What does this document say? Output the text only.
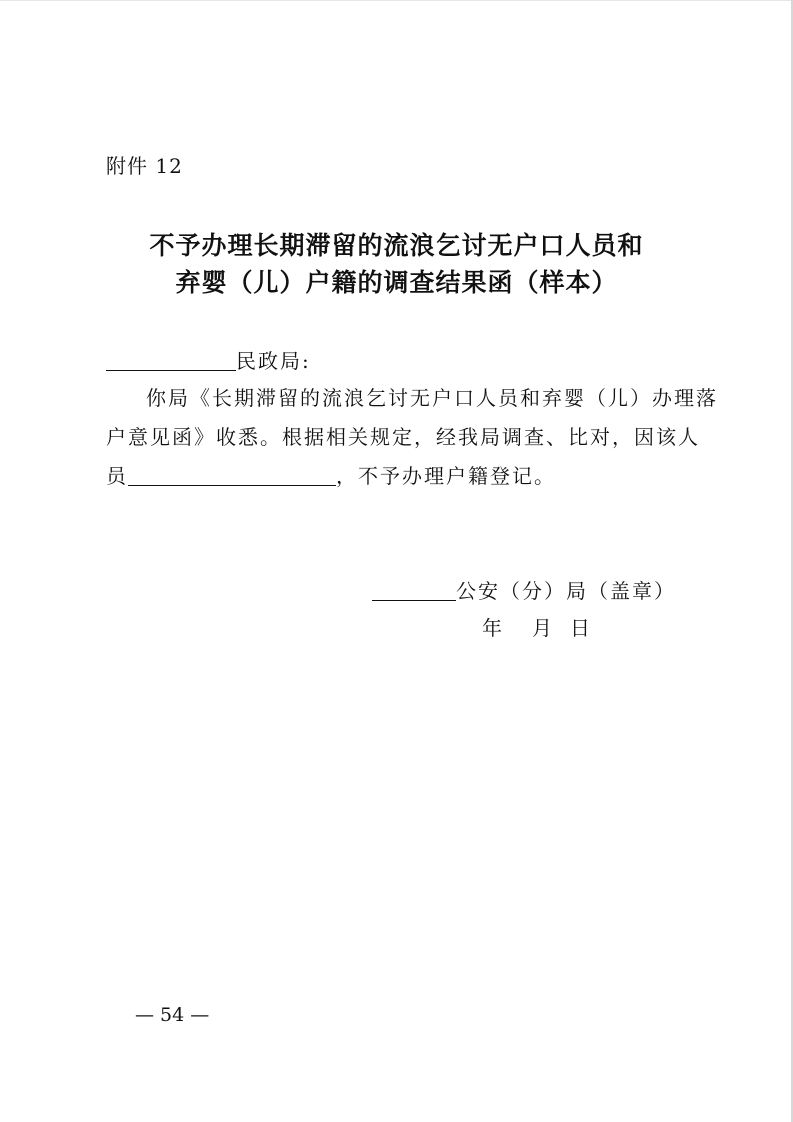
附件 12
不予办理长期滞留的流浪乞讨无户口人员和
弃婴（儿）户籍的调查结果函（样本）
民政局:
你局《长期滞留的流浪乞讨无户口人员和弃婴（儿）办理落
户意见函》收悉。根据相关规定，经我局调查、比对，因该人
员	，不予办理户籍登记。
公安（分）局（盖章）
年 月 日
— 54 —
